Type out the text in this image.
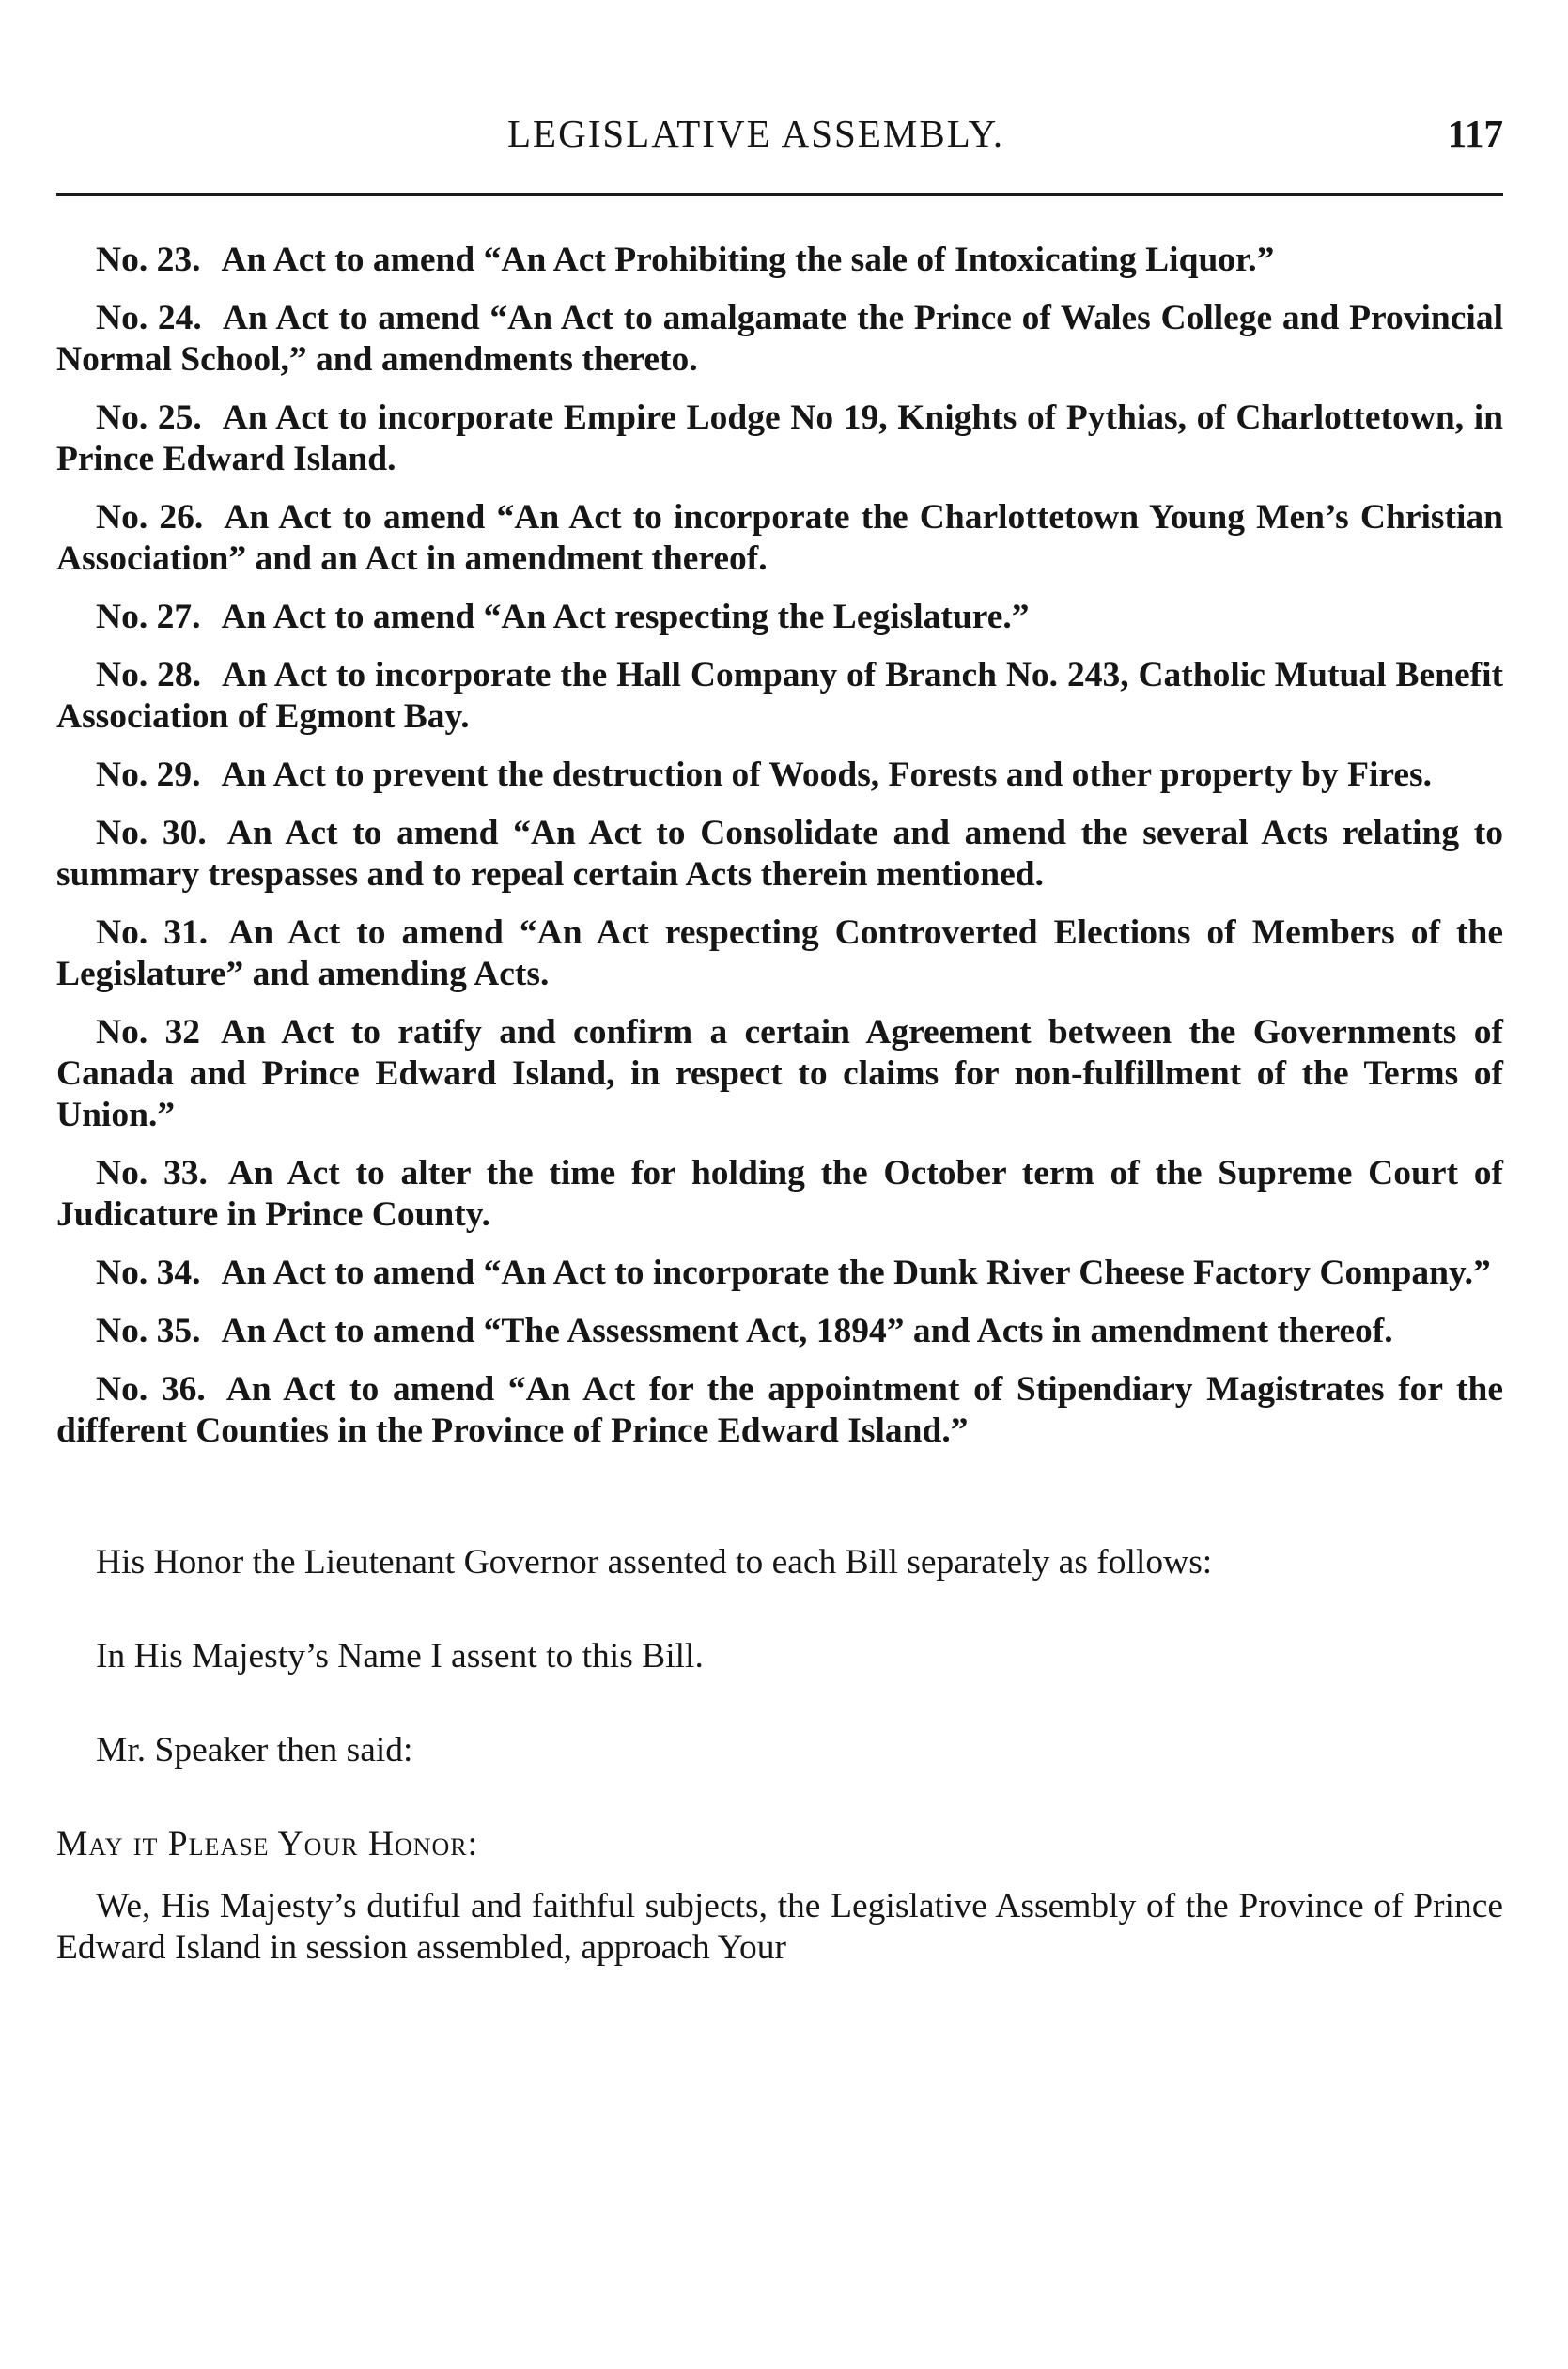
LEGISLATIVE ASSEMBLY.	117

No. 23. An Act to amend “An Act Prohibiting the sale of Intoxicating Liquor.”

No. 24. An Act to amend “An Act to amalgamate the Prince of Wales College and Provincial Normal School,” and amendments thereto.

No. 25. An Act to incorporate Empire Lodge No 19, Knights of Pythias, of Charlottetown, in Prince Edward Island.

No. 26. An Act to amend “An Act to incorporate the Charlottetown Young Men’s Christian Association” and an Act in amendment thereof.

No. 27. An Act to amend “An Act respecting the Legislature.”

No. 28. An Act to incorporate the Hall Company of Branch No. 243, Catholic Mutual Benefit Association of Egmont Bay.

No. 29. An Act to prevent the destruction of Woods, Forests and other property by Fires.

No. 30. An Act to amend “An Act to Consolidate and amend the several Acts relating to summary trespasses and to repeal certain Acts therein mentioned.

No. 31. An Act to amend “An Act respecting Controverted Elections of Members of the Legislature” and amending Acts.

No. 32 An Act to ratify and confirm a certain Agreement between the Governments of Canada and Prince Edward Island, in respect to claims for non-fulfillment of the Terms of Union.”

No. 33. An Act to alter the time for holding the October term of the Supreme Court of Judicature in Prince County.

No. 34. An Act to amend “An Act to incorporate the Dunk River Cheese Factory Company.”

No. 35. An Act to amend “The Assessment Act, 1894” and Acts in amendment thereof.

No. 36. An Act to amend “An Act for the appointment of Stipendiary Magistrates for the different Counties in the Province of Prince Edward Island.”

His Honor the Lieutenant Governor assented to each Bill separately as follows:

In His Majesty’s Name I assent to this Bill.

Mr. Speaker then said:

May it Please Your Honor:

We, His Majesty’s dutiful and faithful subjects, the Legislative Assembly of the Province of Prince Edward Island in session assembled, approach Your
